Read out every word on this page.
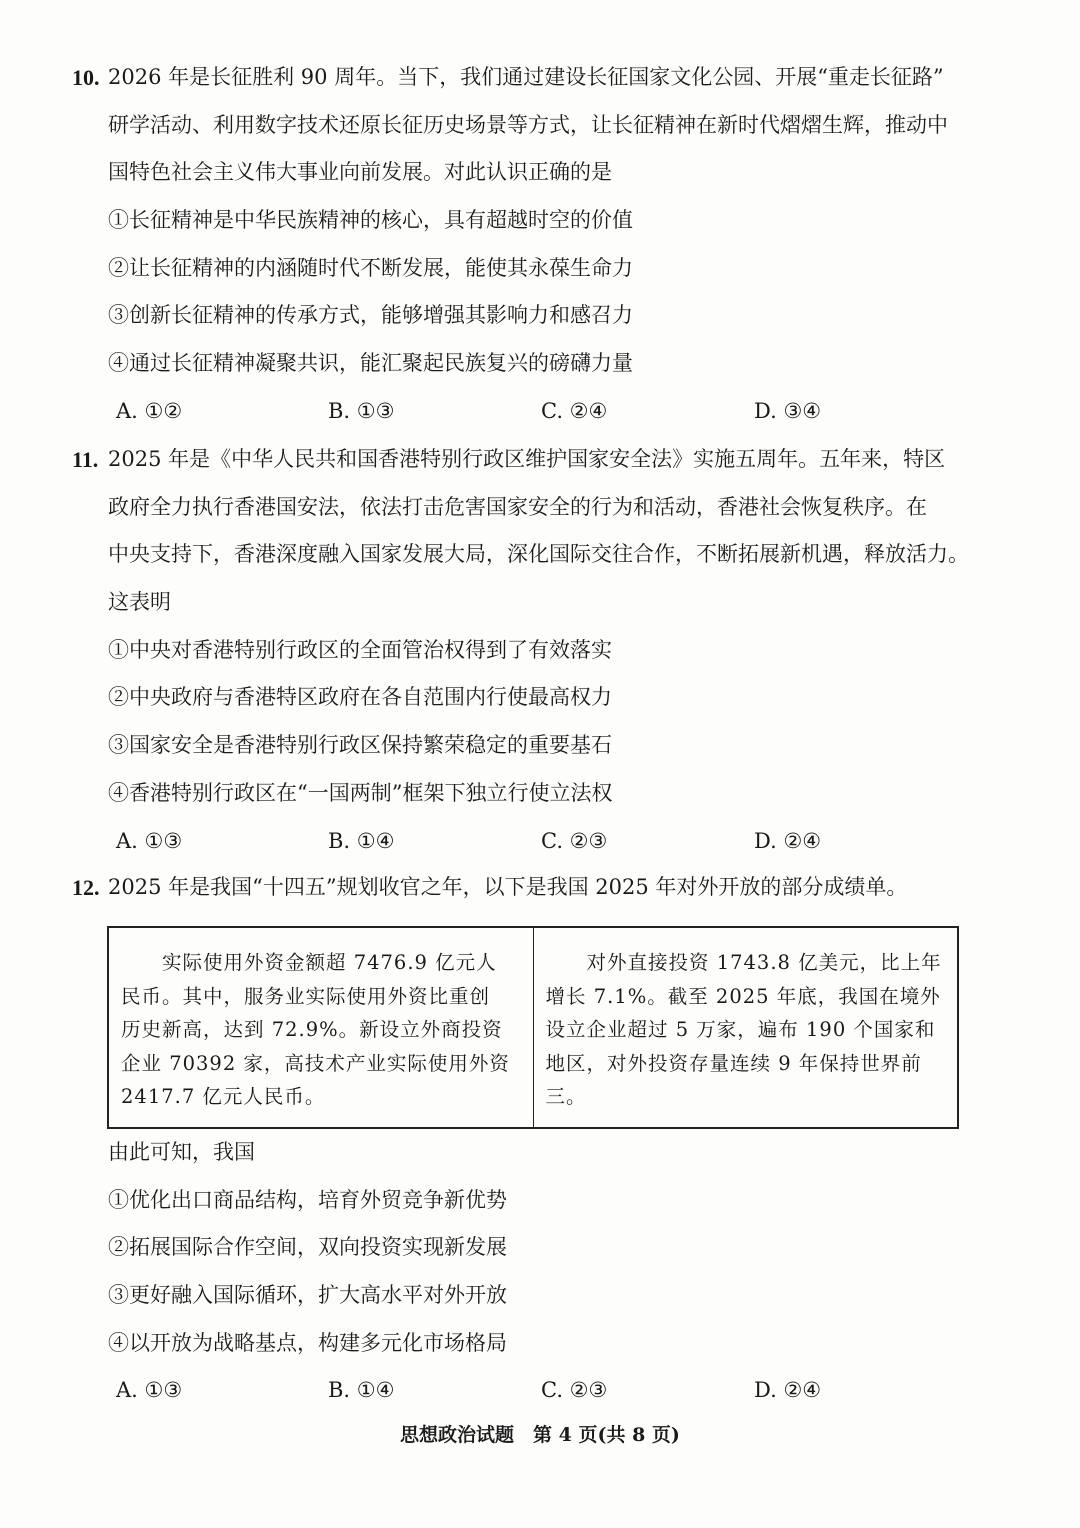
10. 2026 年是长征胜利 90 周年。当下，我们通过建设长征国家文化公园、开展“重走长征路”
研学活动、利用数字技术还原长征历史场景等方式，让长征精神在新时代熠熠生辉，推动中
国特色社会主义伟大事业向前发展。对此认识正确的是
①长征精神是中华民族精神的核心，具有超越时空的价值
②让长征精神的内涵随时代不断发展，能使其永葆生命力
③创新长征精神的传承方式，能够增强其影响力和感召力
④通过长征精神凝聚共识，能汇聚起民族复兴的磅礴力量
A. ①②	B. ①③	C. ②④	D. ③④
11. 2025 年是《中华人民共和国香港特别行政区维护国家安全法》实施五周年。五年来，特区
政府全力执行香港国安法，依法打击危害国家安全的行为和活动，香港社会恢复秩序。在
中央支持下，香港深度融入国家发展大局，深化国际交往合作，不断拓展新机遇，释放活力。
这表明
①中央对香港特别行政区的全面管治权得到了有效落实
②中央政府与香港特区政府在各自范围内行使最高权力
③国家安全是香港特别行政区保持繁荣稳定的重要基石
④香港特别行政区在“一国两制”框架下独立行使立法权
A. ①③	B. ①④	C. ②③	D. ②④
12. 2025 年是我国“十四五”规划收官之年，以下是我国 2025 年对外开放的部分成绩单。
　　实际使用外资金额超 7476.9 亿元人
民币。其中，服务业实际使用外资比重创
历史新高，达到 72.9%。新设立外商投资
企业 70392 家，高技术产业实际使用外资
2417.7 亿元人民币。

　　对外直接投资 1743.8 亿美元，比上年
增长 7.1%。截至 2025 年底，我国在境外
设立企业超过 5 万家，遍布 190 个国家和
地区，对外投资存量连续 9 年保持世界前
三。
由此可知，我国
①优化出口商品结构，培育外贸竞争新优势
②拓展国际合作空间，双向投资实现新发展
③更好融入国际循环，扩大高水平对外开放
④以开放为战略基点，构建多元化市场格局
A. ①③	B. ①④	C. ②③	D. ②④
思想政治试题　第 4 页(共 8 页)
